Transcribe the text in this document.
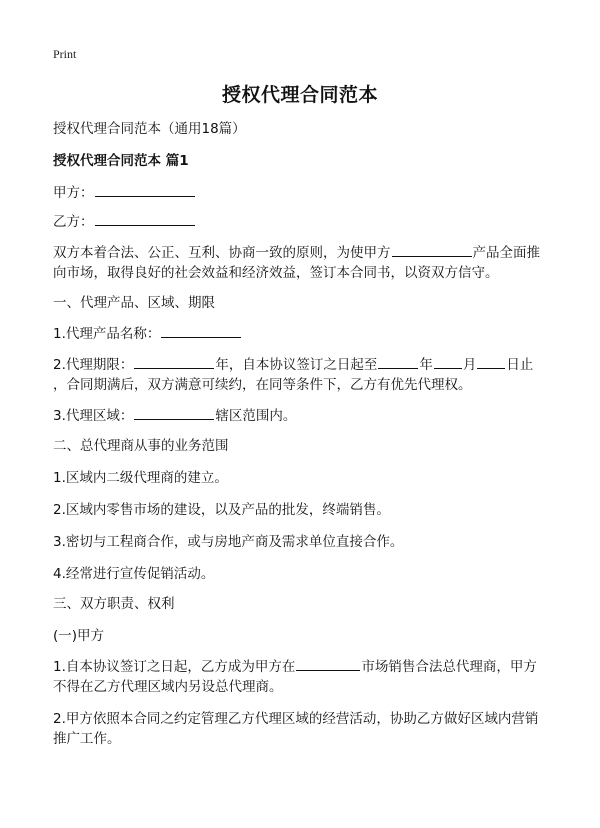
Print
授权代理合同范本
授权代理合同范本（通用18篇）
授权代理合同范本 篇1
甲方：
乙方：
双方本着合法、公正、互利、协商一致的原则，为使甲方	产品全面推
向市场，取得良好的社会效益和经济效益，签订本合同书，以资双方信守。
一、代理产品、区域、期限
1.代理产品名称：
2.代理期限：	年，自本协议签订之日起至	年 月 日止
，合同期满后，双方满意可续约，在同等条件下，乙方有优先代理权。
3.代理区域：	辖区范围内。
二、总代理商从事的业务范围
1.区域内二级代理商的建立。
2.区域内零售市场的建设，以及产品的批发，终端销售。
3.密切与工程商合作，或与房地产商及需求单位直接合作。
4.经常进行宣传促销活动。
三、双方职责、权利
(一)甲方
1.自本协议签订之日起，乙方成为甲方在	市场销售合法总代理商，甲方
不得在乙方代理区域内另设总代理商。
2.甲方依照本合同之约定管理乙方代理区域的经营活动，协助乙方做好区域内营销
推广工作。
